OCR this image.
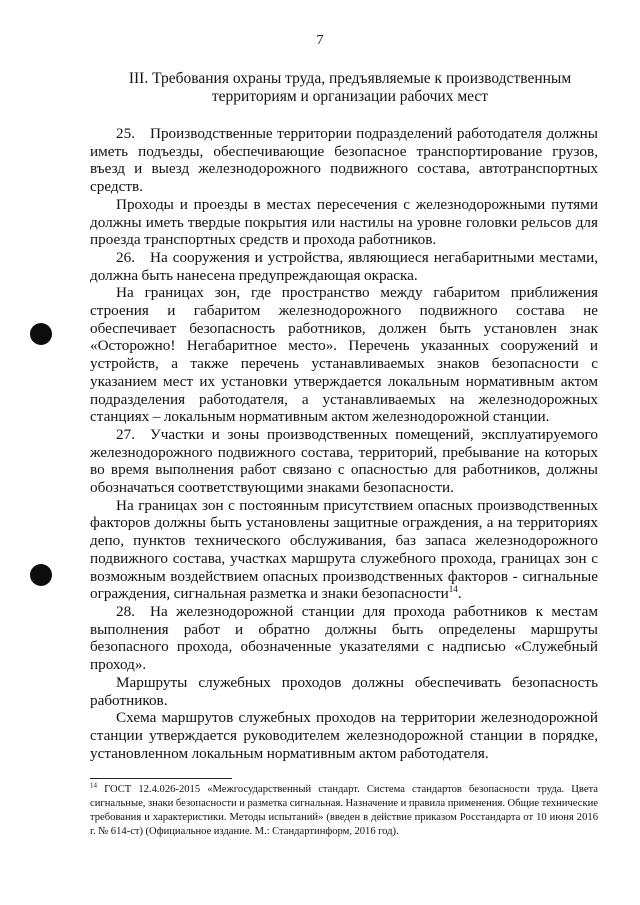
7
III. Требования охраны труда, предъявляемые к производственным
территориям и организации рабочих мест

25. Производственные территории подразделений работодателя должны иметь подъезды, обеспечивающие безопасное транспортирование грузов, въезд и выезд железнодорожного подвижного состава, автотранспортных средств.

Проходы и проезды в местах пересечения с железнодорожными путями должны иметь твердые покрытия или настилы на уровне головки рельсов для проезда транспортных средств и прохода работников.

26. На сооружения и устройства, являющиеся негабаритными местами, должна быть нанесена предупреждающая окраска.

На границах зон, где пространство между габаритом приближения строения и габаритом железнодорожного подвижного состава не обеспечивает безопасность работников, должен быть установлен знак «Осторожно! Негабаритное место». Перечень указанных сооружений и устройств, а также перечень устанавливаемых знаков безопасности с указанием мест их установки утверждается локальным нормативным актом подразделения работодателя, а устанавливаемых на железнодорожных станциях – локальным нормативным актом железнодорожной станции.

27. Участки и зоны производственных помещений, эксплуатируемого железнодорожного подвижного состава, территорий, пребывание на которых во время выполнения работ связано с опасностью для работников, должны обозначаться соответствующими знаками безопасности.

На границах зон с постоянным присутствием опасных производственных факторов должны быть установлены защитные ограждения, а на территориях депо, пунктов технического обслуживания, баз запаса железнодорожного подвижного состава, участках маршрута служебного прохода, границах зон с возможным воздействием опасных производственных факторов - сигнальные ограждения, сигнальная разметка и знаки безопасности$^{14}$.

28. На железнодорожной станции для прохода работников к местам выполнения работ и обратно должны быть определены маршруты безопасного прохода, обозначенные указателями с надписью «Служебный проход».

Маршруты служебных проходов должны обеспечивать безопасность работников.

Схема маршрутов служебных проходов на территории железнодорожной станции утверждается руководителем железнодорожной станции в порядке, установленном локальным нормативным актом работодателя.

$^{14}$ ГОСТ 12.4.026-2015 «Межгосударственный стандарт. Система стандартов безопасности труда. Цвета сигнальные, знаки безопасности и разметка сигнальная. Назначение и правила применения. Общие технические требования и характеристики. Методы испытаний» (введен в действие приказом Росстандарта от 10 июня 2016 г. № 614-ст) (Официальное издание. М.: Стандартинформ, 2016 год).
